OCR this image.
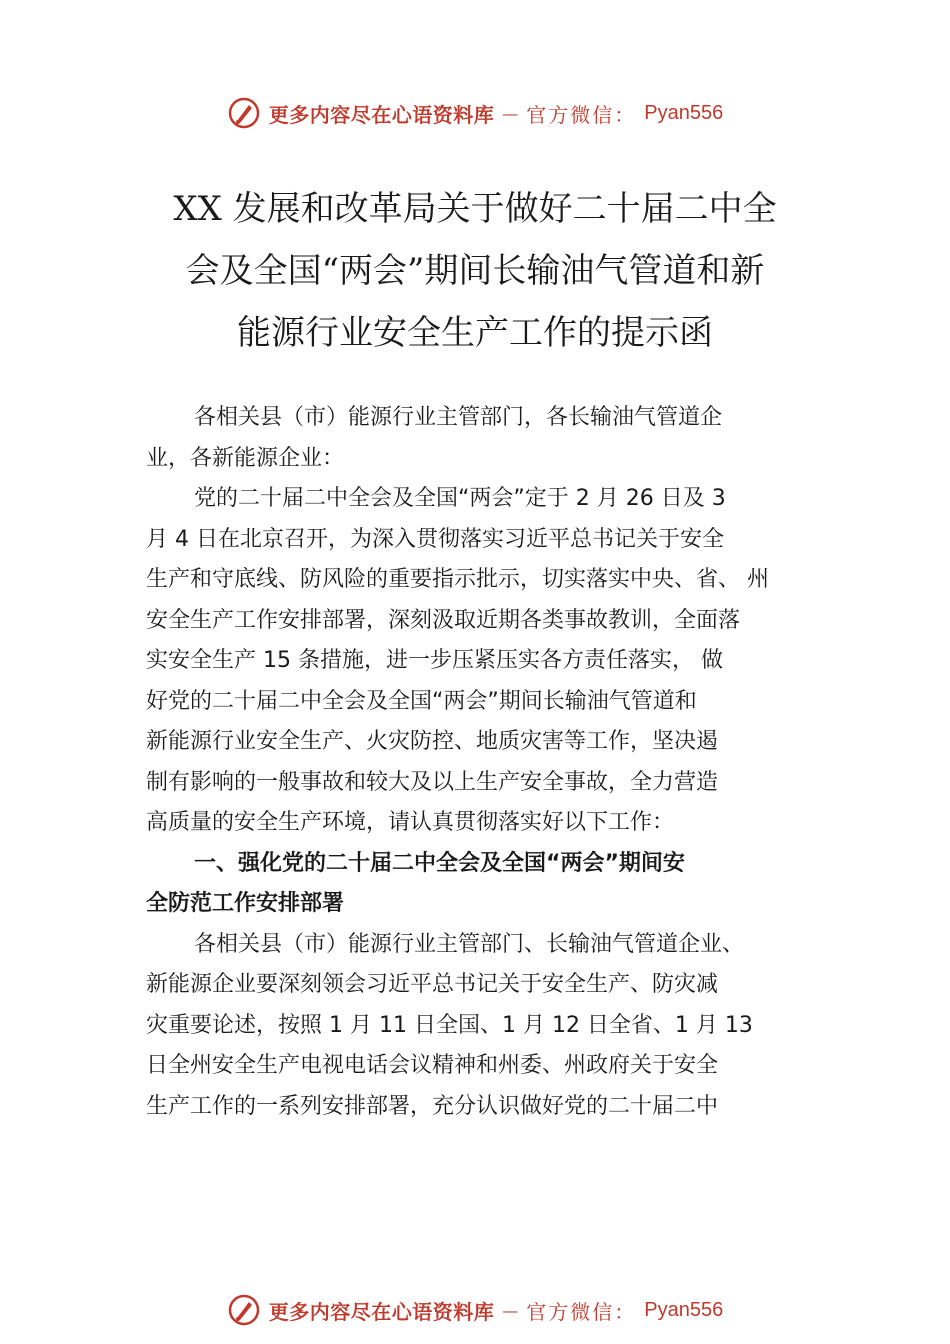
更多内容尽在心语资料库 — 官方微信： Pyan556
XX 发展和改革局关于做好二十届二中全
会及全国“两会”期间长输油气管道和新
能源行业安全生产工作的提示函
各相关县（市）能源行业主管部门，各长输油气管道企
业，各新能源企业：
党的二十届二中全会及全国“两会”定于 2 月 26 日及 3
月 4 日在北京召开，为深入贯彻落实习近平总书记关于安全
生产和守底线、防风险的重要指示批示，切实落实中央、省、 州
安全生产工作安排部署，深刻汲取近期各类事故教训，全面落
实安全生产 15 条措施，进一步压紧压实各方责任落实， 做
好党的二十届二中全会及全国“两会”期间长输油气管道和
新能源行业安全生产、火灾防控、地质灾害等工作，坚决遏
制有影响的一般事故和较大及以上生产安全事故，全力营造
高质量的安全生产环境，请认真贯彻落实好以下工作：
一、强化党的二十届二中全会及全国“两会”期间安
全防范工作安排部署
各相关县（市）能源行业主管部门、长输油气管道企业、
新能源企业要深刻领会习近平总书记关于安全生产、防灾减
灾重要论述，按照 1 月 11 日全国、1 月 12 日全省、1 月 13
日全州安全生产电视电话会议精神和州委、州政府关于安全
生产工作的一系列安排部署，充分认识做好党的二十届二中
更多内容尽在心语资料库 — 官方微信： Pyan556
